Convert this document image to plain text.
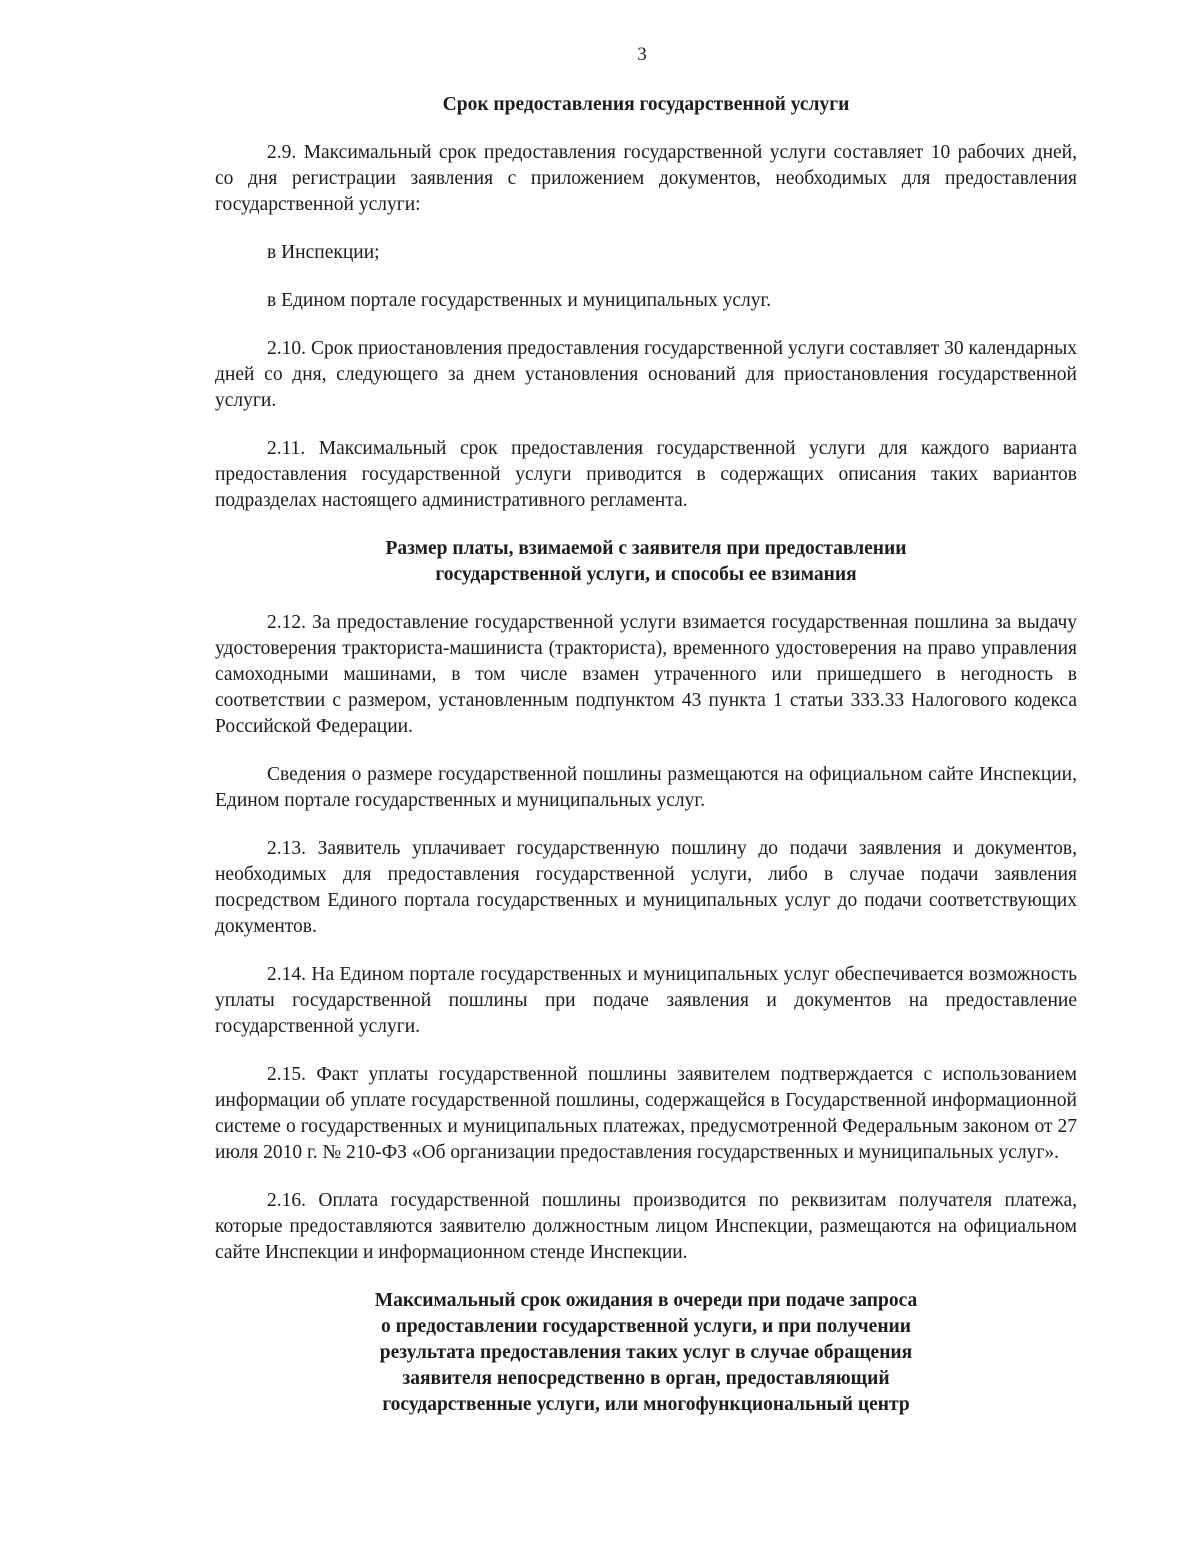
3
Срок предоставления государственной услуги

2.9. Максимальный срок предоставления государственной услуги составляет 10 рабочих дней, со дня регистрации заявления с приложением документов, необходимых для предоставления государственной услуги:

в Инспекции;
в Едином портале государственных и муниципальных услуг.

2.10. Срок приостановления предоставления государственной услуги составляет 30 календарных дней со дня, следующего за днем установления оснований для приостановления государственной услуги.

2.11. Максимальный срок предоставления государственной услуги для каждого варианта предоставления государственной услуги приводится в содержащих описания таких вариантов подразделах настоящего административного регламента.

Размер платы, взимаемой с заявителя при предоставлении
государственной услуги, и способы ее взимания

2.12. За предоставление государственной услуги взимается государственная пошлина за выдачу удостоверения тракториста-машиниста (тракториста), временного удостоверения на право управления самоходными машинами, в том числе взамен утраченного или пришедшего в негодность в соответствии с размером, установленным подпунктом 43 пункта 1 статьи 333.33 Налогового кодекса Российской Федерации.

Сведения о размере государственной пошлины размещаются на официальном сайте Инспекции, Едином портале государственных и муниципальных услуг.

2.13. Заявитель уплачивает государственную пошлину до подачи заявления и документов, необходимых для предоставления государственной услуги, либо в случае подачи заявления посредством Единого портала государственных и муниципальных услуг до подачи соответствующих документов.

2.14. На Едином портале государственных и муниципальных услуг обеспечивается возможность уплаты государственной пошлины при подаче заявления и документов на предоставление государственной услуги.

2.15. Факт уплаты государственной пошлины заявителем подтверждается с использованием информации об уплате государственной пошлины, содержащейся в Государственной информационной системе о государственных и муниципальных платежах, предусмотренной Федеральным законом от 27 июля 2010 г. № 210-ФЗ «Об организации предоставления государственных и муниципальных услуг».

2.16. Оплата государственной пошлины производится по реквизитам получателя платежа, которые предоставляются заявителю должностным лицом Инспекции, размещаются на официальном сайте Инспекции и информационном стенде Инспекции.

Максимальный срок ожидания в очереди при подаче запроса
о предоставлении государственной услуги, и при получении
результата предоставления таких услуг в случае обращения
заявителя непосредственно в орган, предоставляющий
государственные услуги, или многофункциональный центр
